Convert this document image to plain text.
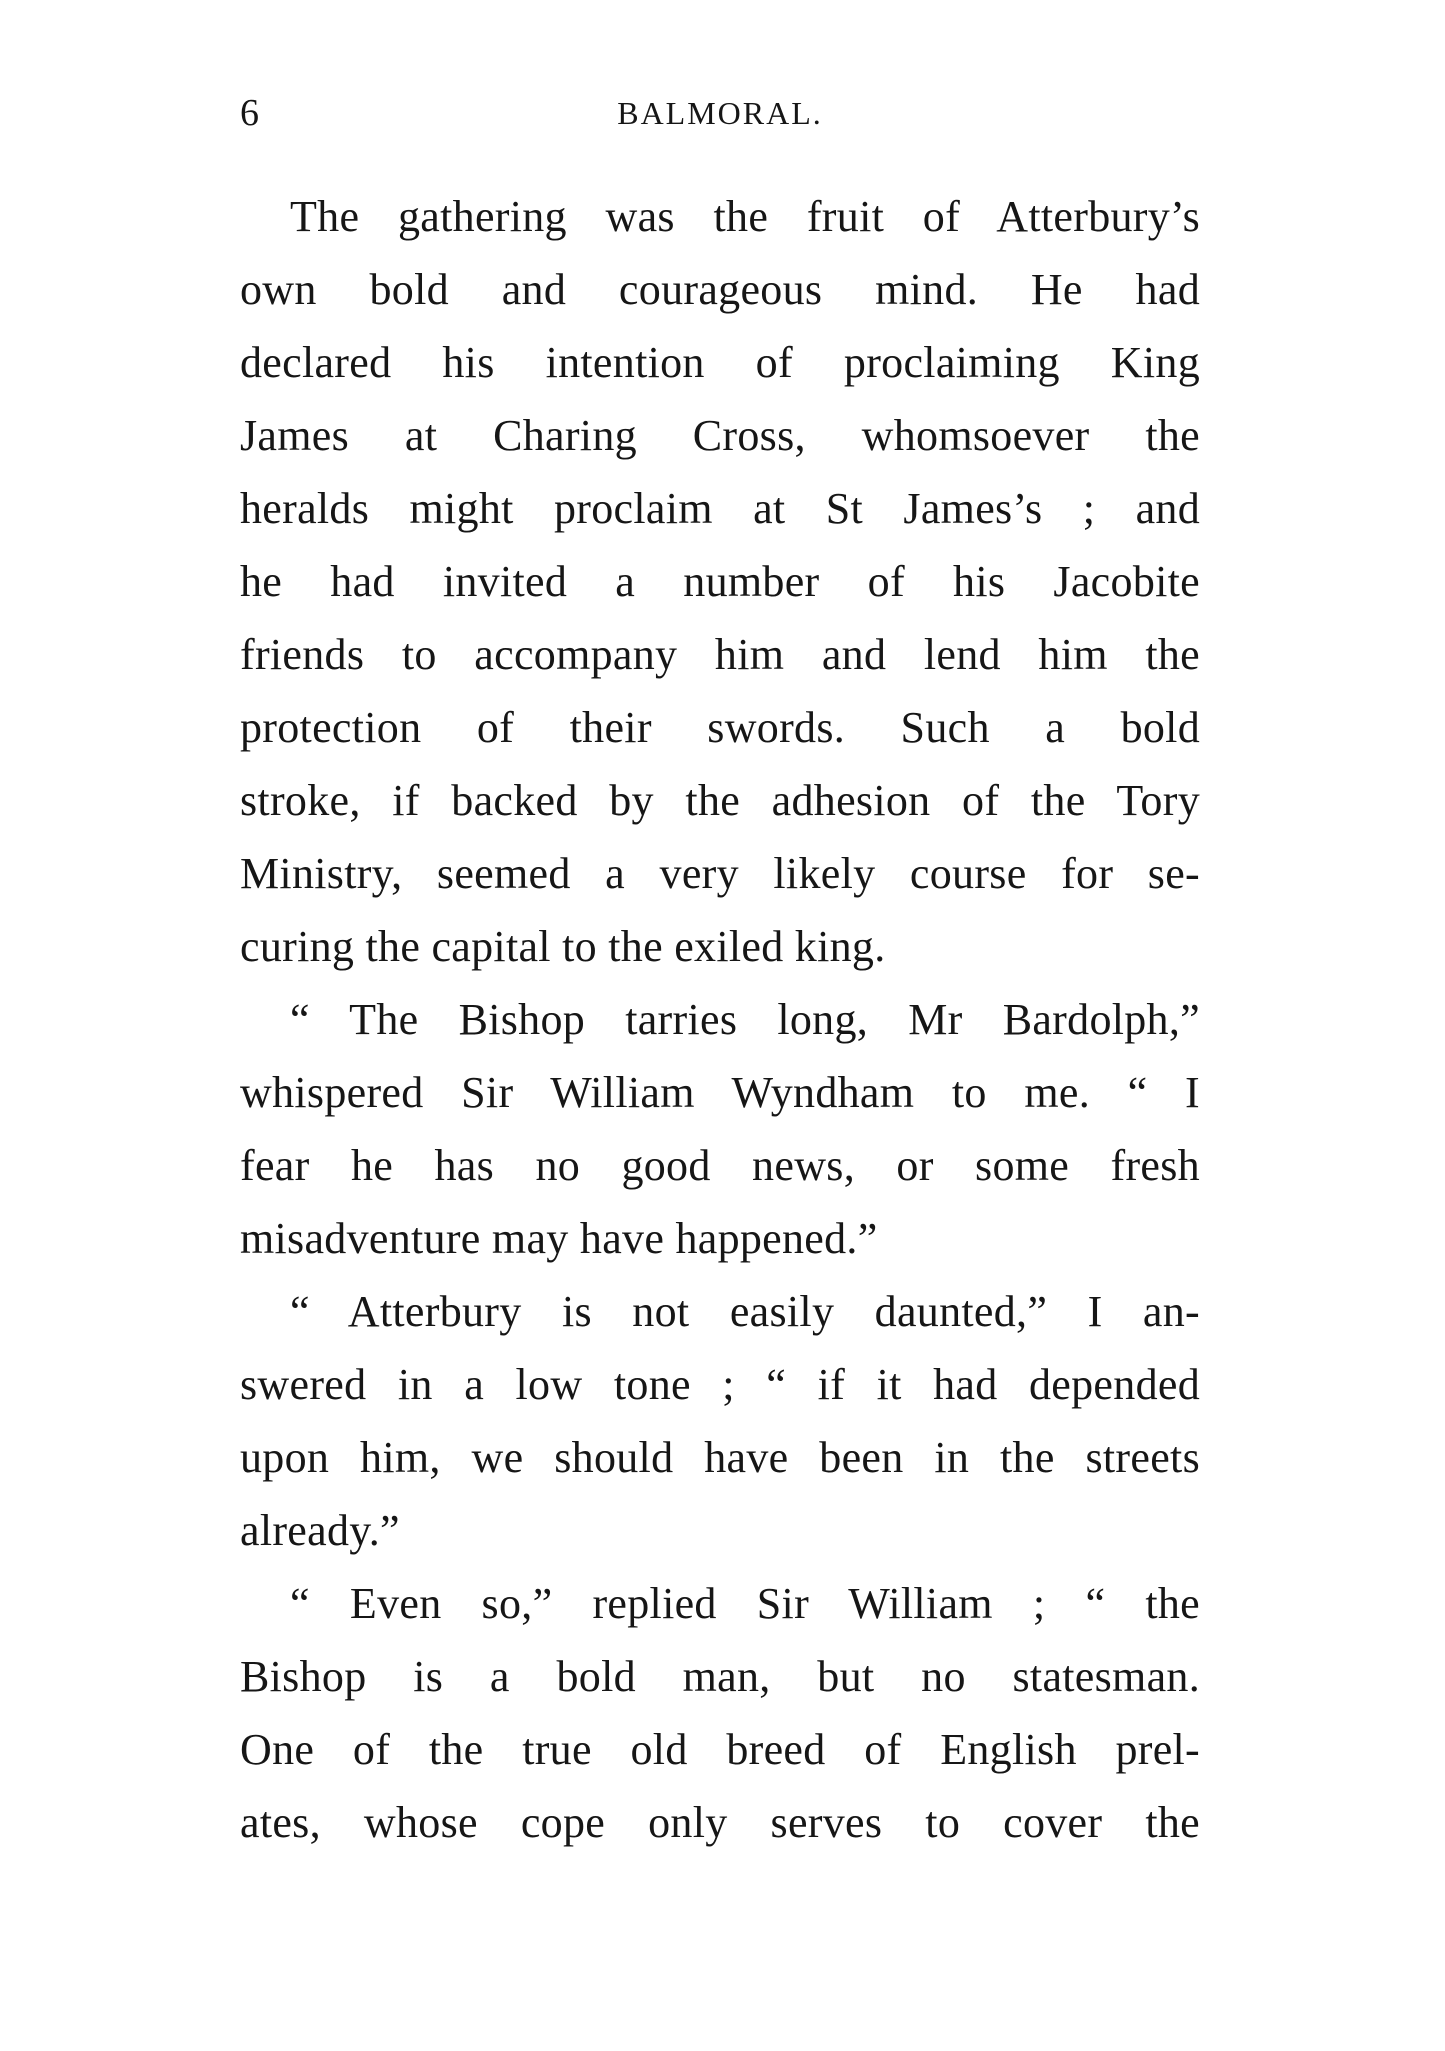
6	BALMORAL.
The gathering was the fruit of Atterbury’s
own bold and courageous mind. He had
declared his intention of proclaiming King
James at Charing Cross, whomsoever the
heralds might proclaim at St James’s ; and
he had invited a number of his Jacobite
friends to accompany him and lend him the
protection of their swords. Such a bold
stroke, if backed by the adhesion of the Tory
Ministry, seemed a very likely course for se-
curing the capital to the exiled king.
“ The Bishop tarries long, Mr Bardolph,”
whispered Sir William Wyndham to me. “ I
fear he has no good news, or some fresh
misadventure may have happened.”
“ Atterbury is not easily daunted,” I an-
swered in a low tone ; “ if it had depended
upon him, we should have been in the streets
already.”
“ Even so,” replied Sir William ; “ the
Bishop is a bold man, but no statesman.
One of the true old breed of English prel-
ates, whose cope only serves to cover the
